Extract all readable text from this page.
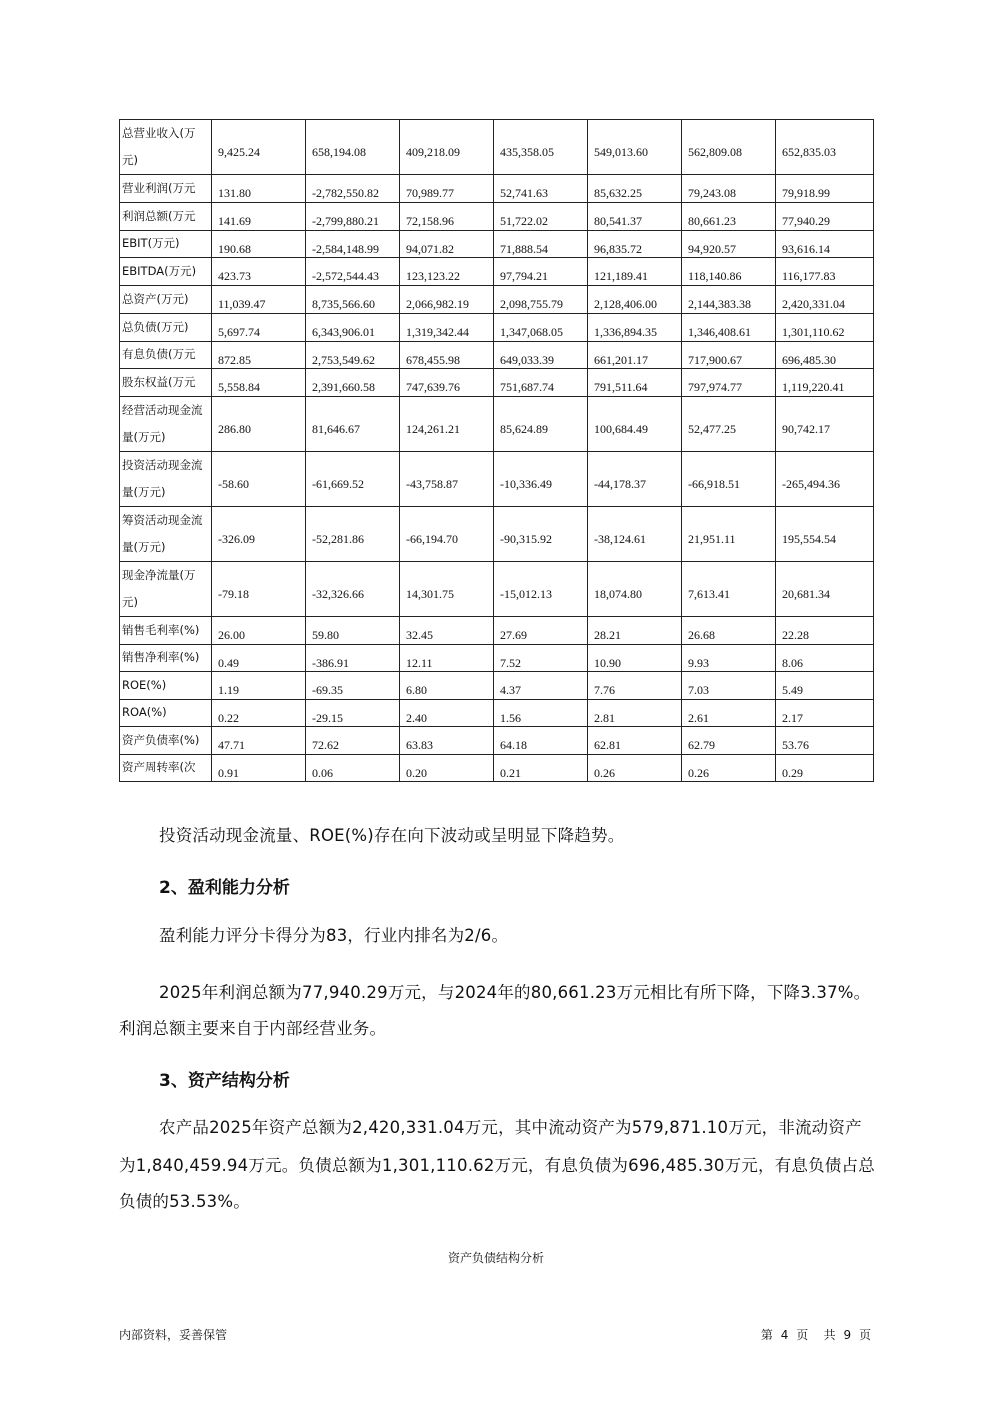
总营业收入(万元)	9,425.24	658,194.08	409,218.09	435,358.05	549,013.60	562,809.08	652,835.03
营业利润(万元	131.80	-2,782,550.82	70,989.77	52,741.63	85,632.25	79,243.08	79,918.99
利润总额(万元	141.69	-2,799,880.21	72,158.96	51,722.02	80,541.37	80,661.23	77,940.29
EBIT(万元)	190.68	-2,584,148.99	94,071.82	71,888.54	96,835.72	94,920.57	93,616.14
EBITDA(万元)	423.73	-2,572,544.43	123,123.22	97,794.21	121,189.41	118,140.86	116,177.83
总资产(万元)	11,039.47	8,735,566.60	2,066,982.19	2,098,755.79	2,128,406.00	2,144,383.38	2,420,331.04
总负债(万元)	5,697.74	6,343,906.01	1,319,342.44	1,347,068.05	1,336,894.35	1,346,408.61	1,301,110.62
有息负债(万元	872.85	2,753,549.62	678,455.98	649,033.39	661,201.17	717,900.67	696,485.30
股东权益(万元	5,558.84	2,391,660.58	747,639.76	751,687.74	791,511.64	797,974.77	1,119,220.41
经营活动现金流量(万元)	286.80	81,646.67	124,261.21	85,624.89	100,684.49	52,477.25	90,742.17
投资活动现金流量(万元)	-58.60	-61,669.52	-43,758.87	-10,336.49	-44,178.37	-66,918.51	-265,494.36
筹资活动现金流量(万元)	-326.09	-52,281.86	-66,194.70	-90,315.92	-38,124.61	21,951.11	195,554.54
现金净流量(万元)	-79.18	-32,326.66	14,301.75	-15,012.13	18,074.80	7,613.41	20,681.34
销售毛利率(%)	26.00	59.80	32.45	27.69	28.21	26.68	22.28
销售净利率(%)	0.49	-386.91	12.11	7.52	10.90	9.93	8.06
ROE(%)	1.19	-69.35	6.80	4.37	7.76	7.03	5.49
ROA(%)	0.22	-29.15	2.40	1.56	2.81	2.61	2.17
资产负债率(%)	47.71	72.62	63.83	64.18	62.81	62.79	53.76
资产周转率(次	0.91	0.06	0.20	0.21	0.26	0.26	0.29
投资活动现金流量、ROE(%)存在向下波动或呈明显下降趋势。
2、盈利能力分析
盈利能力评分卡得分为83，行业内排名为2/6。
2025年利润总额为77,940.29万元，与2024年的80,661.23万元相比有所下降，下降3.37%。
利润总额主要来自于内部经营业务。
3、资产结构分析
农产品2025年资产总额为2,420,331.04万元，其中流动资产为579,871.10万元，非流动资产
为1,840,459.94万元。负债总额为1,301,110.62万元，有息负债为696,485.30万元，有息负债占总
负债的53.53%。
资产负债结构分析
内部资料，妥善保管	第 4 页 共 9 页
